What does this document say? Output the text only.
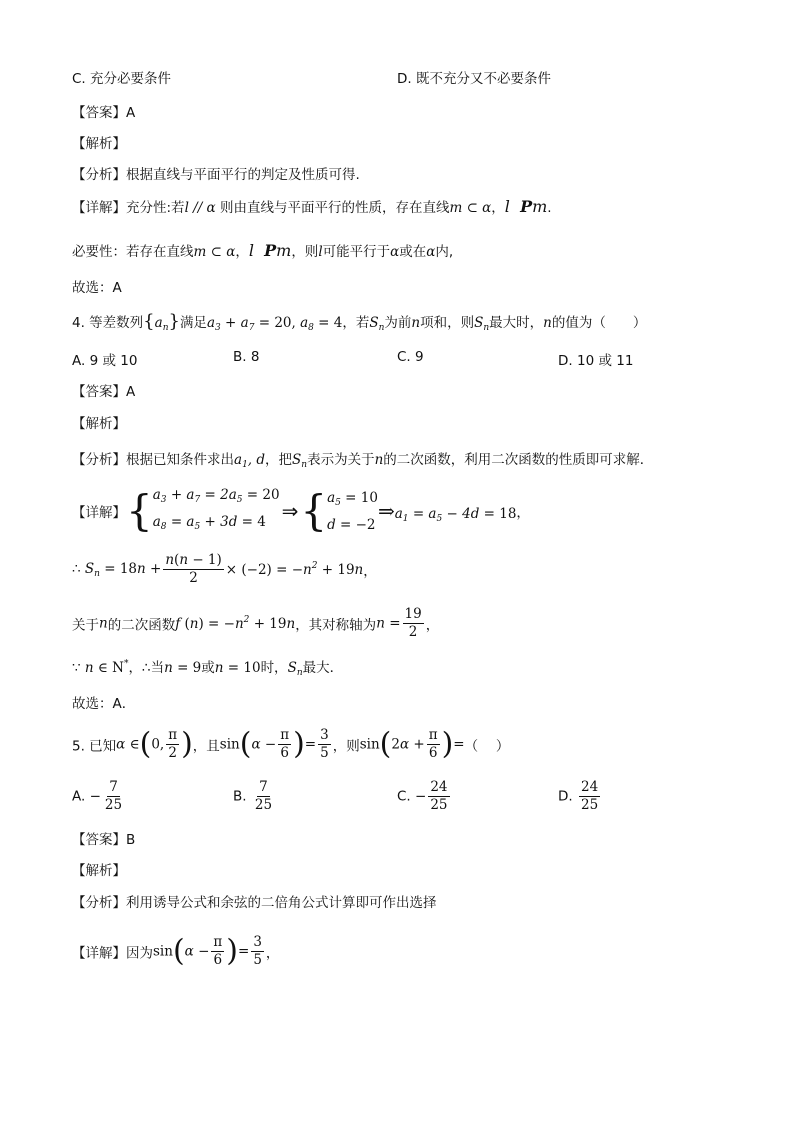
C. 充分必要条件	D. 既不充分又不必要条件
【答案】A
【解析】
【分析】根据直线与平面平行的判定及性质可得.
【详解】充分性:若l // α 则由直线与平面平行的性质，存在直线m ⊂ α，l  Pm.
必要性：若存在直线m ⊂ α，l  Pm，则l可能平行于α或在α内,
故选：A
4. 等差数列$\{a_n\}$满足$a_3 + a_7 = 20$, $a_8 = 4$，若$S_n$为前n项和，则$S_n$最大时，n的值为（　　）
A. 9 或 10	B. 8	C. 9	D. 10 或 11
【答案】A
【解析】
【分析】根据已知条件求出$a_1$, d，把$S_n$表示为关于n的二次函数，利用二次函数的性质即可求解．
【详解】{ $a_3 + a_7 = 2a_5 = 20$
$a_8 = a_5 + 3d = 4$ ⇒{ $a_5 = 10$
d = −2
$\Rightarrow a_1 = a_5 - 4d = 18$，
∴ $S_n = 18n + \frac{n(n - 1)}{2} \times (-2) = -n^2 + 19n$，
关于n的二次函数f $(n) = -n^2 + 19n$，其对称轴为$n = \frac{19}{2}$ ，
∵ n ∈ N*，∴当n = 9或n = 10时，$S_n$最大．
故选：A．
5. 已知α ∈(0, $\frac{\pi}{2}$ )，且$\sin(\alpha - \frac{\pi}{6}$ )= $\frac{3}{5}$ ，则$\sin(2\alpha + \frac{\pi}{6}$ )=（　 ）
A. − $\frac{7}{25}$	B. $\frac{7}{25}$	C. − $\frac{24}{25}$	D. $\frac{24}{25}$
【答案】B
【解析】
【分析】利用诱导公式和余弦的二倍角公式计算即可作出选择
【详解】因为$\sin(\alpha - \frac{\pi}{6}$ )= $\frac{3}{5}$ ，
